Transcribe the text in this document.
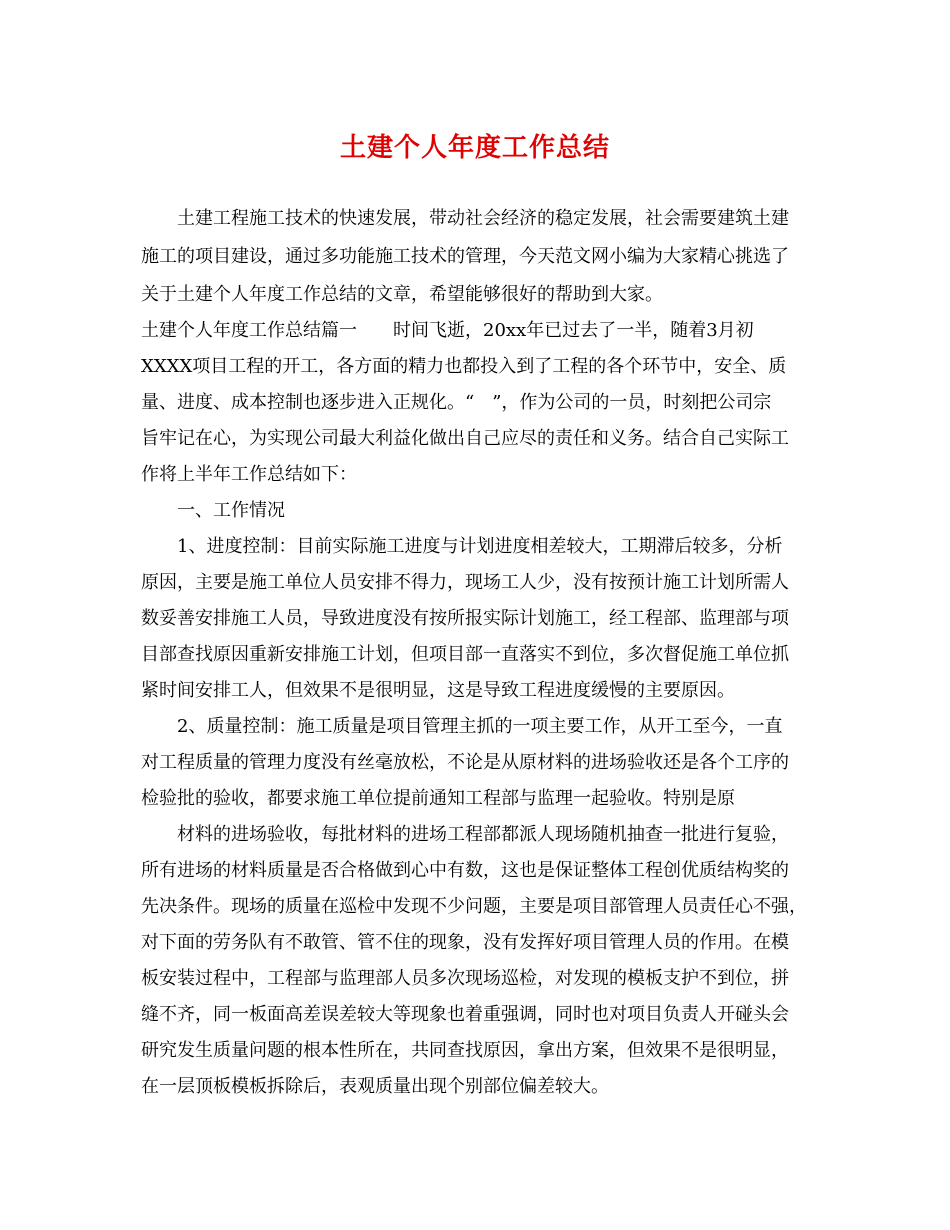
土建个人年度工作总结
土建工程施工技术的快速发展，带动社会经济的稳定发展，社会需要建筑土建
施工的项目建设，通过多功能施工技术的管理，今天范文网小编为大家精心挑选了
关于土建个人年度工作总结的文章，希望能够很好的帮助到大家。
土建个人年度工作总结篇一　　时间飞逝，20xx年已过去了一半，随着3月初
XXXX项目工程的开工，各方面的精力也都投入到了工程的各个环节中，安全、质
量、进度、成本控制也逐步进入正规化。“　”，作为公司的一员，时刻把公司宗
旨牢记在心，为实现公司最大利益化做出自己应尽的责任和义务。结合自己实际工
作将上半年工作总结如下：
一、工作情况
1、进度控制：目前实际施工进度与计划进度相差较大，工期滞后较多，分析
原因，主要是施工单位人员安排不得力，现场工人少，没有按预计施工计划所需人
数妥善安排施工人员，导致进度没有按所报实际计划施工，经工程部、监理部与项
目部查找原因重新安排施工计划，但项目部一直落实不到位，多次督促施工单位抓
紧时间安排工人，但效果不是很明显，这是导致工程进度缓慢的主要原因。
2、质量控制：施工质量是项目管理主抓的一项主要工作，从开工至今，一直
对工程质量的管理力度没有丝毫放松，不论是从原材料的进场验收还是各个工序的
检验批的验收，都要求施工单位提前通知工程部与监理一起验收。特别是原
材料的进场验收，每批材料的进场工程部都派人现场随机抽查一批进行复验，
所有进场的材料质量是否合格做到心中有数，这也是保证整体工程创优质结构奖的
先决条件。现场的质量在巡检中发现不少问题，主要是项目部管理人员责任心不强，
对下面的劳务队有不敢管、管不住的现象，没有发挥好项目管理人员的作用。在模
板安装过程中，工程部与监理部人员多次现场巡检，对发现的模板支护不到位，拼
缝不齐，同一板面高差误差较大等现象也着重强调，同时也对项目负责人开碰头会
研究发生质量问题的根本性所在，共同查找原因，拿出方案，但效果不是很明显，
在一层顶板模板拆除后，表观质量出现个别部位偏差较大。
